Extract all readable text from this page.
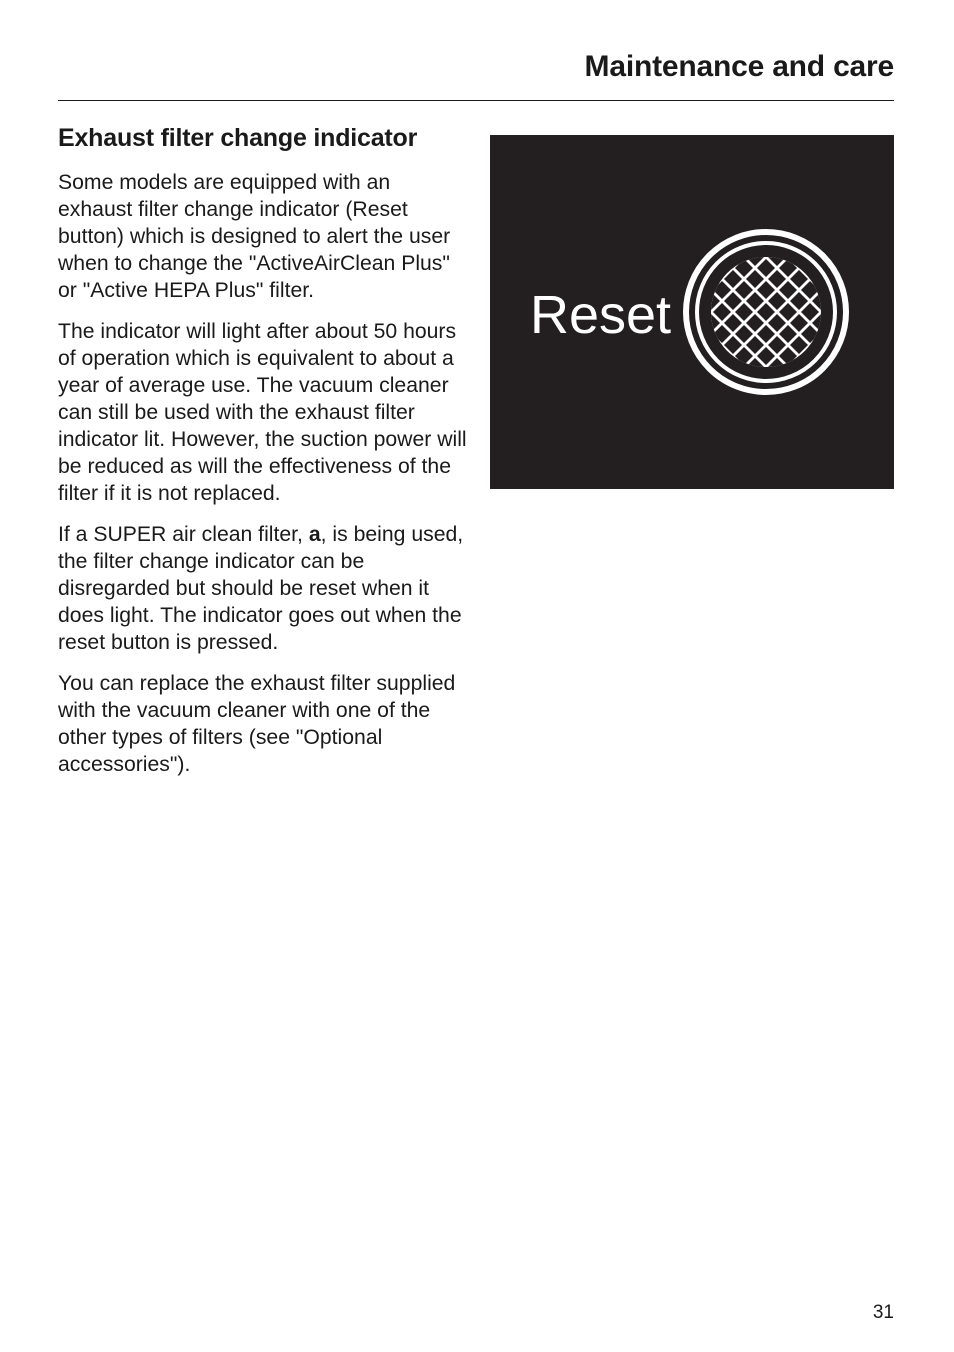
Maintenance and care
Exhaust filter change indicator

Some models are equipped with an exhaust filter change indicator (Reset button) which is designed to alert the user when to change the "ActiveAirClean Plus" or "Active HEPA Plus" filter.

The indicator will light after about 50 hours of operation which is equivalent to about a year of average use. The vacuum cleaner can still be used with the exhaust filter indicator lit. However, the suction power will be reduced as will the effectiveness of the filter if it is not replaced.

If a SUPER air clean filter, a, is being used, the filter change indicator can be disregarded but should be reset when it does light. The indicator goes out when the reset button is pressed.

You can replace the exhaust filter supplied with the vacuum cleaner with one of the other types of filters (see "Optional accessories").

Reset
31
